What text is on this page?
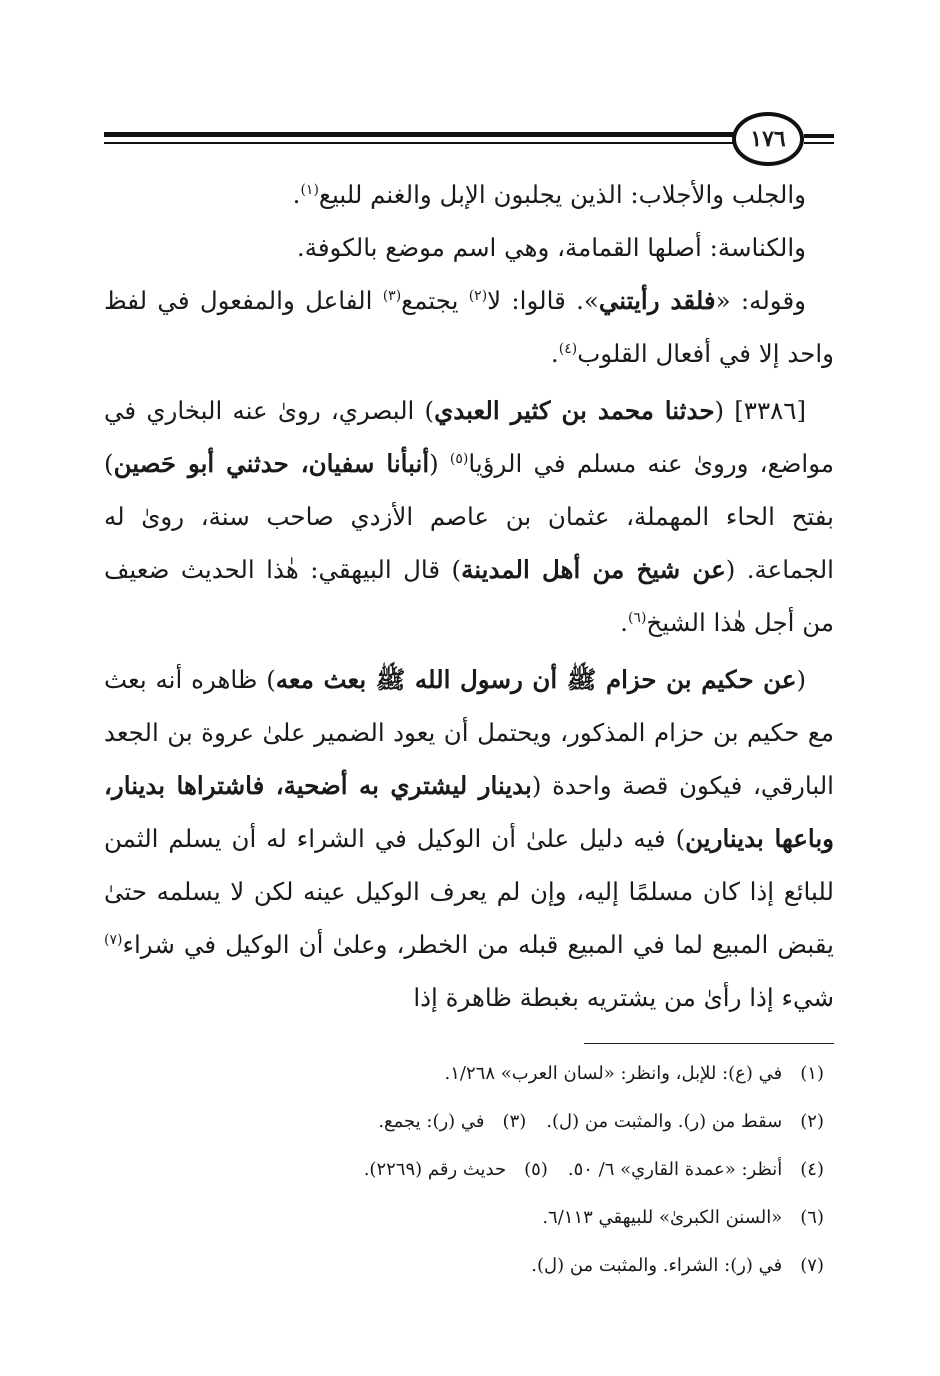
١٧٦

والجلب والأجلاب: الذين يجلبون الإبل والغنم للبيع$^{(١)}$.

والكناسة: أصلها القمامة، وهي اسم موضع بالكوفة.

وقوله: «فلقد رأيتني». قالوا: لا$^{(٢)}$ يجتمع$^{(٣)}$ الفاعل والمفعول في لفظ واحد إلا في أفعال القلوب$^{(٤)}$.

[٣٣٨٦] (حدثنا محمد بن كثير العبدي) البصري، روىٰ عنه البخاري في مواضع، وروىٰ عنه مسلم في الرؤيا$^{(٥)}$ (أنبأنا سفيان، حدثني أبو حَصين) بفتح الحاء المهملة، عثمان بن عاصم الأزدي صاحب سنة، روىٰ له الجماعة. (عن شيخ من أهل المدينة) قال البيهقي: هٰذا الحديث ضعيف من أجل هٰذا الشيخ$^{(٦)}$.

(عن حكيم بن حزام ﷺ أن رسول الله ﷺ بعث معه) ظاهره أنه بعث مع حكيم بن حزام المذكور، ويحتمل أن يعود الضمير علىٰ عروة بن الجعد البارقي، فيكون قصة واحدة (بدينار ليشتري به أضحية، فاشتراها بدينار، وباعها بدينارين) فيه دليل علىٰ أن الوكيل في الشراء له أن يسلم الثمن للبائع إذا كان مسلمًا إليه، وإن لم يعرف الوكيل عينه لكن لا يسلمه حتىٰ يقبض المبيع لما في المبيع قبله من الخطر، وعلىٰ أن الوكيل في شراء$^{(٧)}$ شيء إذا رأىٰ من يشتريه بغبطة ظاهرة إذا

(١)في (ع): للإبل، وانظر: «لسان العرب» ١/٢٦٨.

(٢)سقط من (ر). والمثبت من (ل).(٣)في (ر): يجمع.

(٤)أنظر: «عمدة القاري» ٦/ ٥٠.(٥)حديث رقم (٢٢٦٩).

(٦)«السنن الكبرىٰ» للبيهقي ٦/١١٣.

(٧)في (ر): الشراء. والمثبت من (ل).
